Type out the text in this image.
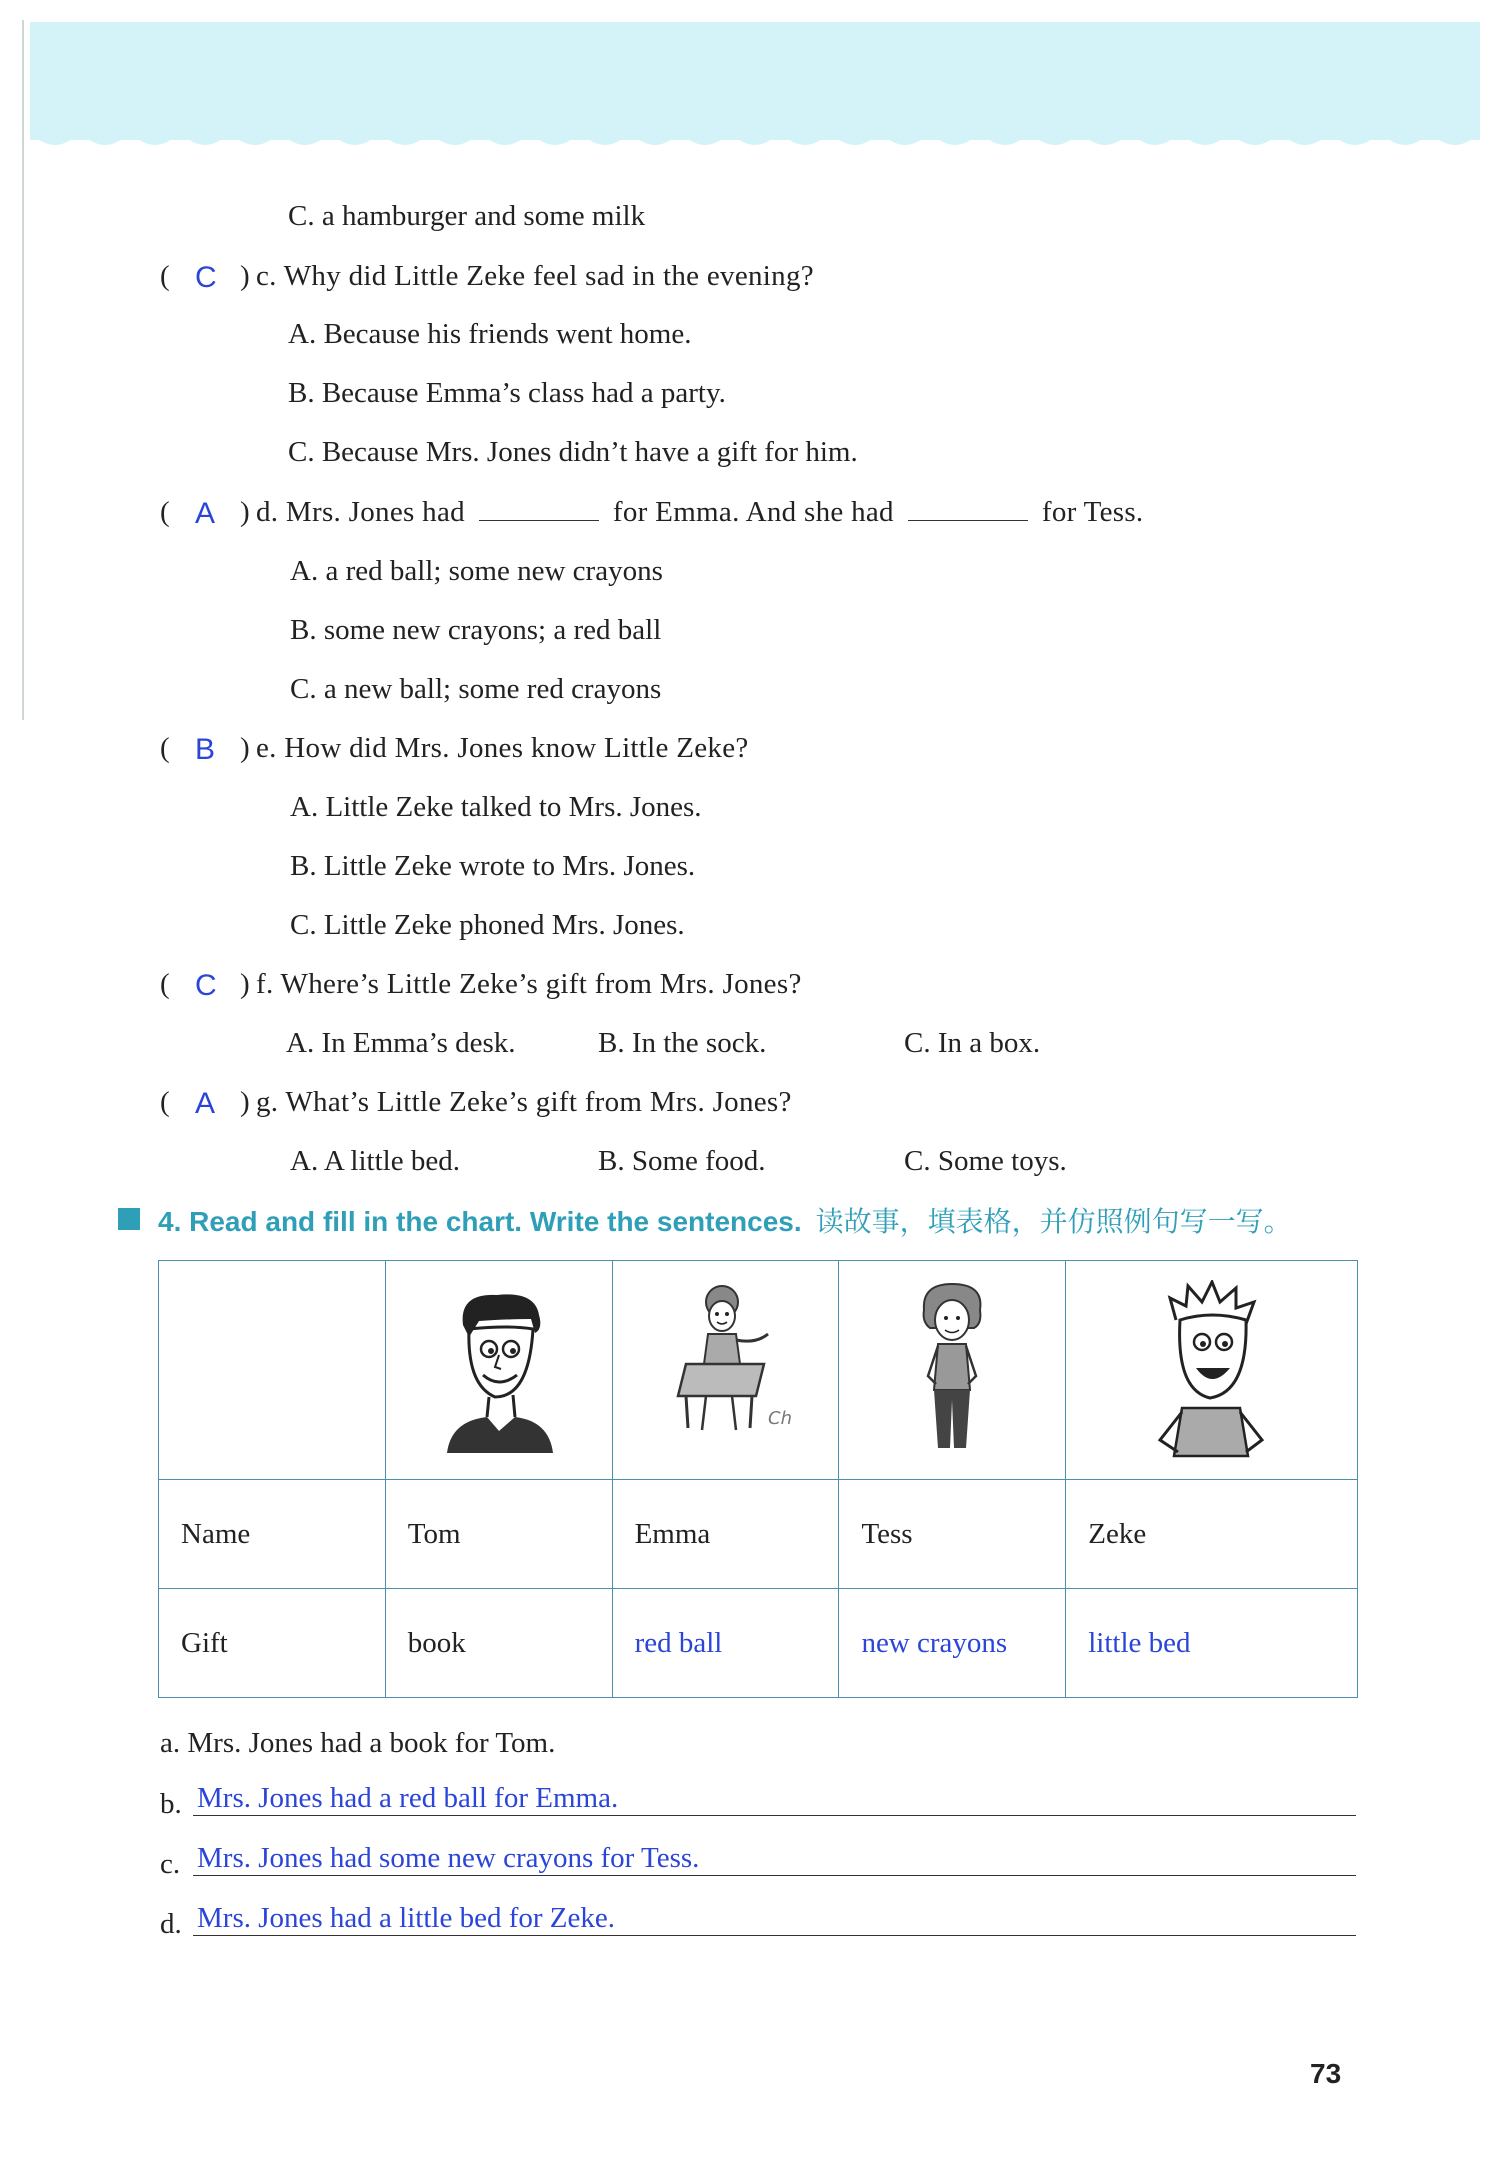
C. a hamburger and some milk
( C ) c. Why did Little Zeke feel sad in the evening?
A. Because his friends went home.
B. Because Emma’s class had a party.
C. Because Mrs. Jones didn’t have a gift for him.
( A ) d. Mrs. Jones had	for Emma. And she had	for Tess.
A. a red ball; some new crayons
B. some new crayons; a red ball
C. a new ball; some red crayons
( B ) e. How did Mrs. Jones know Little Zeke?
A. Little Zeke talked to Mrs. Jones.
B. Little Zeke wrote to Mrs. Jones.
C. Little Zeke phoned Mrs. Jones.
( C ) f. Where’s Little Zeke’s gift from Mrs. Jones?
A. In Emma’s desk.	B. In the sock.	C. In a box.
( A ) g. What’s Little Zeke’s gift from Mrs. Jones?
A. A little bed.	B. Some food.	C. Some toys.
4. Read and fill in the chart. Write the sentences. 读故事，填表格，并仿照例句写一写。

Ch

Name	Tom	Emma	Tess	Zeke
Gift	book	red ball	new crayons	little bed
a. Mrs. Jones had a book for Tom.
b. Mrs. Jones had a red ball for Emma.
c. Mrs. Jones had some new crayons for Tess.
d. Mrs. Jones had a little bed for Zeke.
73
